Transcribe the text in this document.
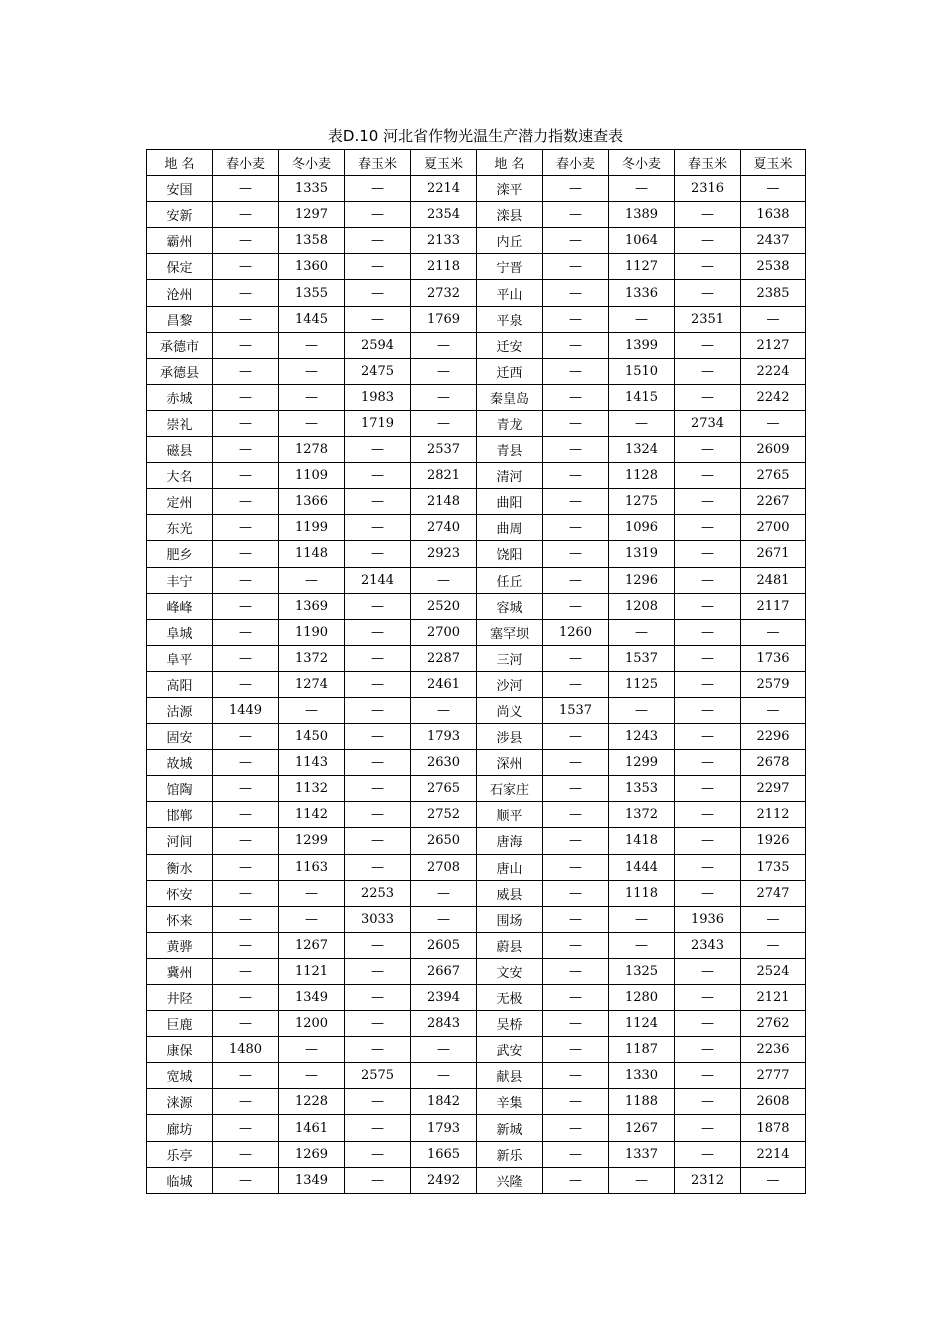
表D.10 河北省作物光温生产潜力指数速查表
地 名	春小麦	冬小麦	春玉米	夏玉米	地 名	春小麦	冬小麦	春玉米	夏玉米
安国	—	1335	—	2214	滦平	—	—	2316	—
安新	—	1297	—	2354	滦县	—	1389	—	1638
霸州	—	1358	—	2133	内丘	—	1064	—	2437
保定	—	1360	—	2118	宁晋	—	1127	—	2538
沧州	—	1355	—	2732	平山	—	1336	—	2385
昌黎	—	1445	—	1769	平泉	—	—	2351	—
承德市	—	—	2594	—	迁安	—	1399	—	2127
承德县	—	—	2475	—	迁西	—	1510	—	2224
赤城	—	—	1983	—	秦皇岛	—	1415	—	2242
崇礼	—	—	1719	—	青龙	—	—	2734	—
磁县	—	1278	—	2537	青县	—	1324	—	2609
大名	—	1109	—	2821	清河	—	1128	—	2765
定州	—	1366	—	2148	曲阳	—	1275	—	2267
东光	—	1199	—	2740	曲周	—	1096	—	2700
肥乡	—	1148	—	2923	饶阳	—	1319	—	2671
丰宁	—	—	2144	—	任丘	—	1296	—	2481
峰峰	—	1369	—	2520	容城	—	1208	—	2117
阜城	—	1190	—	2700	塞罕坝	1260	—	—	—
阜平	—	1372	—	2287	三河	—	1537	—	1736
高阳	—	1274	—	2461	沙河	—	1125	—	2579
沽源	1449	—	—	—	尚义	1537	—	—	—
固安	—	1450	—	1793	涉县	—	1243	—	2296
故城	—	1143	—	2630	深州	—	1299	—	2678
馆陶	—	1132	—	2765	石家庄	—	1353	—	2297
邯郸	—	1142	—	2752	顺平	—	1372	—	2112
河间	—	1299	—	2650	唐海	—	1418	—	1926
衡水	—	1163	—	2708	唐山	—	1444	—	1735
怀安	—	—	2253	—	威县	—	1118	—	2747
怀来	—	—	3033	—	围场	—	—	1936	—
黄骅	—	1267	—	2605	蔚县	—	—	2343	—
冀州	—	1121	—	2667	文安	—	1325	—	2524
井陉	—	1349	—	2394	无极	—	1280	—	2121
巨鹿	—	1200	—	2843	吴桥	—	1124	—	2762
康保	1480	—	—	—	武安	—	1187	—	2236
宽城	—	—	2575	—	献县	—	1330	—	2777
涞源	—	1228	—	1842	辛集	—	1188	—	2608
廊坊	—	1461	—	1793	新城	—	1267	—	1878
乐亭	—	1269	—	1665	新乐	—	1337	—	2214
临城	—	1349	—	2492	兴隆	—	—	2312	—
